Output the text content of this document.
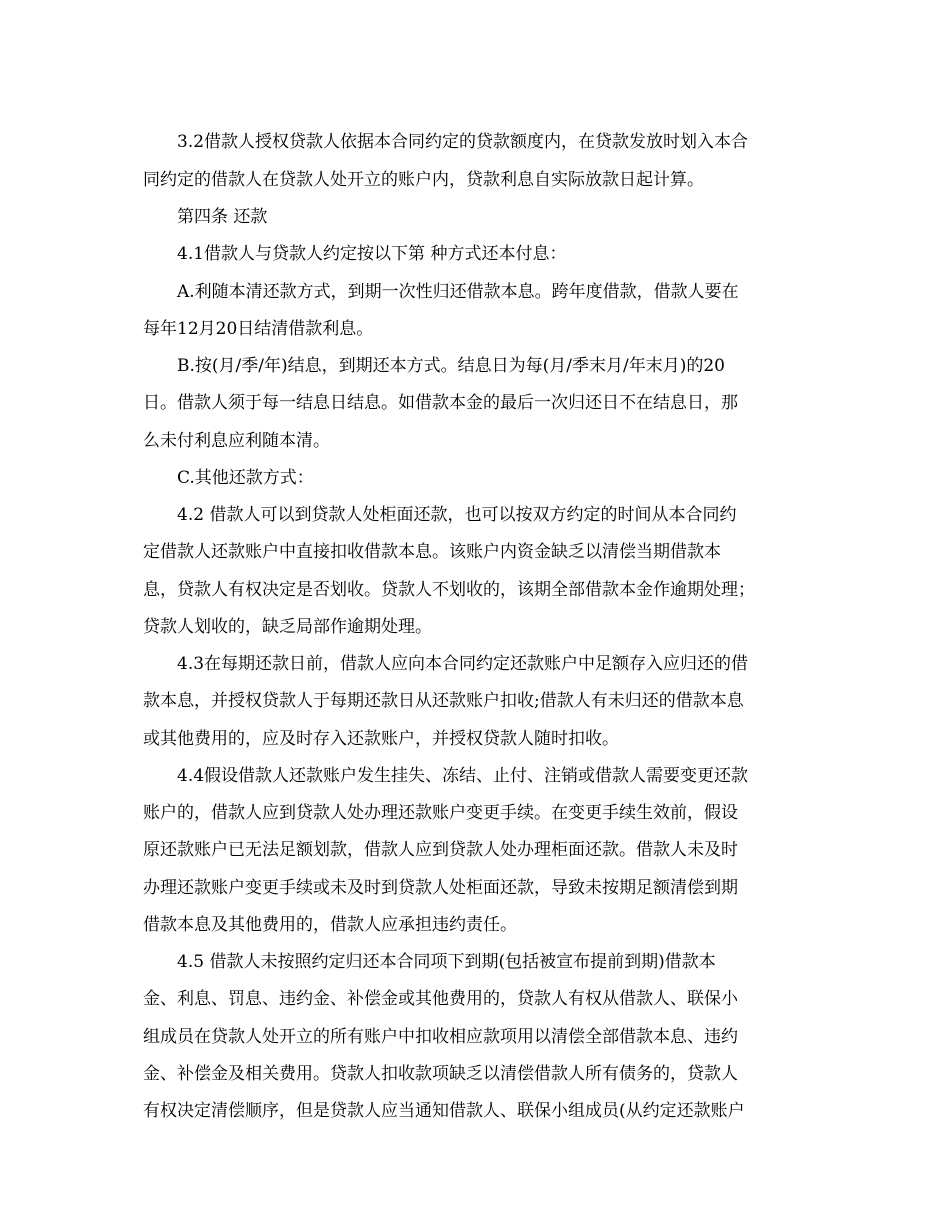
3.2借款人授权贷款人依据本合同约定的贷款额度内，在贷款发放时划入本合
同约定的借款人在贷款人处开立的账户内，贷款利息自实际放款日起计算。
第四条 还款
4.1借款人与贷款人约定按以下第 种方式还本付息：
A.利随本清还款方式，到期一次性归还借款本息。跨年度借款，借款人要在
每年12月20日结清借款利息。
B.按(月/季/年)结息，到期还本方式。结息日为每(月/季末月/年末月)的20
日。借款人须于每一结息日结息。如借款本金的最后一次归还日不在结息日，那
么未付利息应利随本清。
C.其他还款方式：
4.2 借款人可以到贷款人处柜面还款，也可以按双方约定的时间从本合同约
定借款人还款账户中直接扣收借款本息。该账户内资金缺乏以清偿当期借款本
息，贷款人有权决定是否划收。贷款人不划收的，该期全部借款本金作逾期处理；
贷款人划收的，缺乏局部作逾期处理。
4.3在每期还款日前，借款人应向本合同约定还款账户中足额存入应归还的借
款本息，并授权贷款人于每期还款日从还款账户扣收;借款人有未归还的借款本息
或其他费用的，应及时存入还款账户，并授权贷款人随时扣收。
4.4假设借款人还款账户发生挂失、冻结、止付、注销或借款人需要变更还款
账户的，借款人应到贷款人处办理还款账户变更手续。在变更手续生效前，假设
原还款账户已无法足额划款，借款人应到贷款人处办理柜面还款。借款人未及时
办理还款账户变更手续或未及时到贷款人处柜面还款，导致未按期足额清偿到期
借款本息及其他费用的，借款人应承担违约责任。
4.5 借款人未按照约定归还本合同项下到期(包括被宣布提前到期)借款本
金、利息、罚息、违约金、补偿金或其他费用的，贷款人有权从借款人、联保小
组成员在贷款人处开立的所有账户中扣收相应款项用以清偿全部借款本息、违约
金、补偿金及相关费用。贷款人扣收款项缺乏以清偿借款人所有债务的，贷款人
有权决定清偿顺序，但是贷款人应当通知借款人、联保小组成员(从约定还款账户
